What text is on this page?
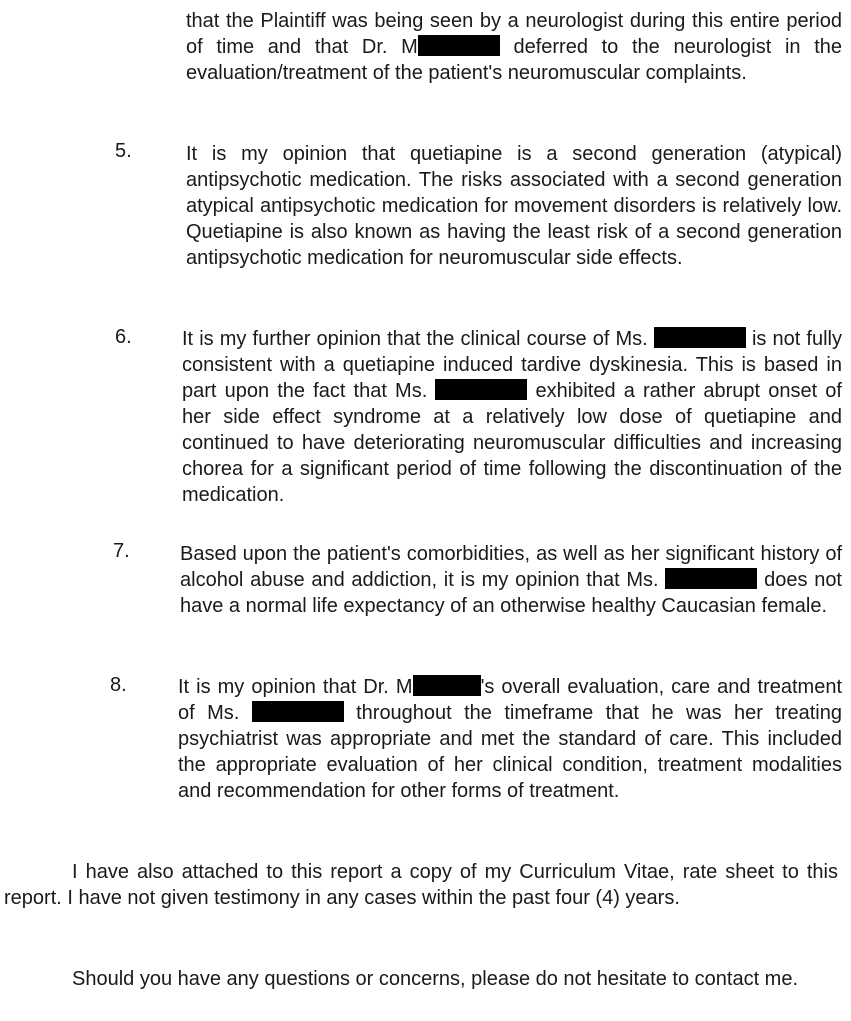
that the Plaintiff was being seen by a neurologist during this entire period of time and that Dr. M	deferred to the neurologist in the evaluation/treatment of the patient's neuromuscular complaints.
5.	It is my opinion that quetiapine is a second generation (atypical) antipsychotic medication. The risks associated with a second generation atypical antipsychotic medication for movement disorders is relatively low. Quetiapine is also known as having the least risk of a second generation antipsychotic medication for neuromuscular side effects.
6.	It is my further opinion that the clinical course of Ms.	is not fully consistent with a quetiapine induced tardive dyskinesia. This is based in part upon the fact that Ms.	exhibited a rather abrupt onset of her side effect syndrome at a relatively low dose of quetiapine and continued to have deteriorating neuromuscular difficulties and increasing chorea for a significant period of time following the discontinuation of the medication.
7.	Based upon the patient's comorbidities, as well as her significant history of alcohol abuse and addiction, it is my opinion that Ms.	does not have a normal life expectancy of an otherwise healthy Caucasian female.
8.	It is my opinion that Dr. M	's overall evaluation, care and treatment of Ms.	throughout the timeframe that he was her treating psychiatrist was appropriate and met the standard of care. This included the appropriate evaluation of her clinical condition, treatment modalities and recommendation for other forms of treatment.
I have also attached to this report a copy of my Curriculum Vitae, rate sheet to this report. I have not given testimony in any cases within the past four (4) years.
Should you have any questions or concerns, please do not hesitate to contact me.
